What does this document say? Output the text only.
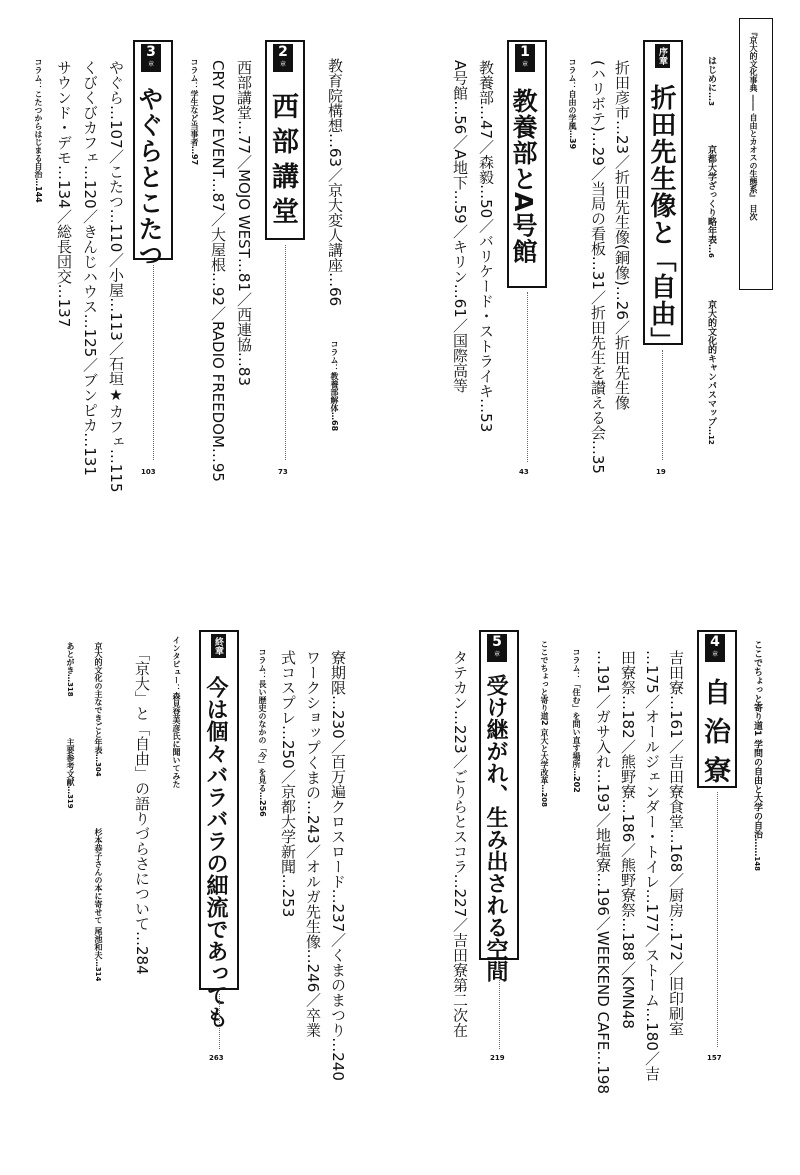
『京大的文化事典 ―― 自由とカオスの生態系』 目次
はじめに…3
京都大学ざっくり略年表…6
京大的文化的キャンパスマップ…12
序章
折田先生像と「自由」
19
折田彦市…23／折田先生像(銅像)…26／折田先生像
(ハリボテ)…29／当局の看板…31／折田先生を讃える会…35
コラム：自由の学風…39
1
章
教養部とA号館
43
教養部…47／森毅…50／バリケード・ストライキ…53
A号館…56／A地下…59／キリン…61／国際高等
教育院構想…63／京大変人講座…66
コラム：教養部解体…68
2
章
西部講堂
73
西部講堂…77／MOJO WEST…81／西連協…83
CRY DAY EVENT…87／大屋根…92／RADIO FREEDOM…95
コラム：学生など当事者…97
3
章
やぐらとこたつ
103
やぐら…107／こたつ…110／小屋…113／石垣★カフェ…115
くびくびカフェ…120／きんじハウス…125／ブンピカ…131
サウンド・デモ…134／総長団交…137
コラム：こたつからはじまる自治…144
ここでちょっと寄り道1 学問の自由と大学の自治……148
4
章
自治寮
157
吉田寮…161／吉田寮食堂…168／厨房…172／旧印刷室
…175／オールジェンダー・トイレ…177／ストーム…180／吉
田寮祭…182／熊野寮…186／熊野寮祭…188／KMN48
…191／ガサ入れ…193／地塩寮…196／WEEKEND CAFE…198
コラム：「住む」を問い直す場所…202
ここでちょっと寄り道2 京大と大学改革…208
5
章
受け継がれ、生み出される空間
219
タテカン…223／ごりらとスコラ…227／吉田寮第二次在
寮期限…230／百万遍クロスロード…237／くまのまつり…240
ワークショップくまの…243／オルガ先生像…246／卒業
式コスプレ…250／京都大学新聞…253
コラム：長い歴史のなかの「今」を見る…256
終章
今は個々バラバラの細流であっても
263
インタビュー：森見登美彦氏に聞いてみた
「京大」と「自由」の語りづらさについて…284
京大的文化の主なできごと年表…304
杉本恭子さんの本に寄せて 尾池和夫…314
あとがき…318
主要参考文献…319
